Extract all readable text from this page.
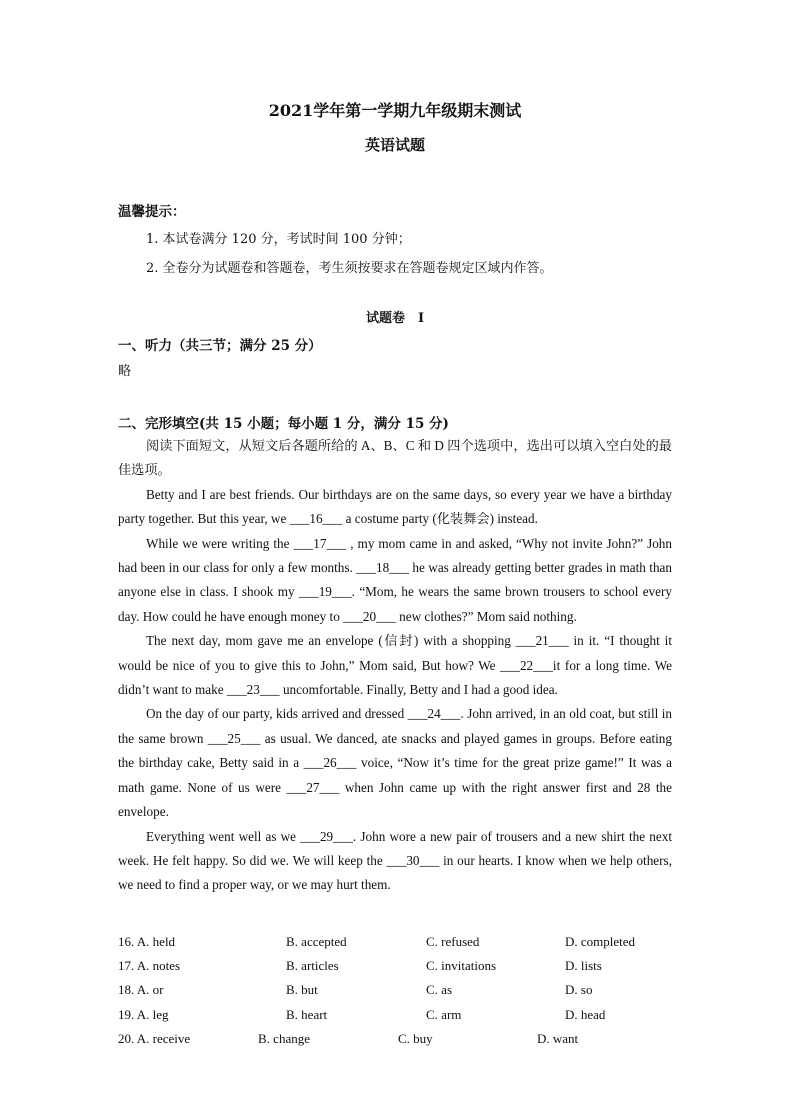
2021学年第一学期九年级期末测试
英语试题
温馨提示：
1. 本试卷满分 120 分，考试时间 100 分钟；
2. 全卷分为试题卷和答题卷，考生须按要求在答题卷规定区域内作答。
试题卷　I
一、听力（共三节；满分 25 分）
略
二、完形填空(共 15 小题；每小题 1 分，满分 15 分)

阅读下面短文，从短文后各题所给的 A、B、C 和 D 四个选项中，选出可以填入空白处的最佳选项。

Betty and I are best friends. Our birthdays are on the same days, so every year we have a birthday party together. But this year, we ___16___ a costume party (化装舞会) instead.

While we were writing the ___17___ , my mom came in and asked, “Why not invite John?” John had been in our class for only a few months. ___18___ he was already getting better grades in math than anyone else in class. I shook my ___19___. “Mom, he wears the same brown trousers to school every day. How could he have enough money to ___20___ new clothes?” Mom said nothing.

The next day, mom gave me an envelope (信封) with a shopping ___21___ in it. “I thought it would be nice of you to give this to John,” Mom said, But how? We ___22___it for a long time. We didn’t want to make ___23___ uncomfortable. Finally, Betty and I had a good idea.

On the day of our party, kids arrived and dressed ___24___. John arrived, in an old coat, but still in the same brown ___25___ as usual. We danced, ate snacks and played games in groups. Before eating the birthday cake, Betty said in a ___26___ voice, “Now it’s time for the great prize game!” It was a math game. None of us were ___27___ when John came up with the right answer first and 28 the envelope.

Everything went well as we ___29___. John wore a new pair of trousers and a new shirt the next week. He felt happy. So did we. We will keep the ___30___ in our hearts. I know when we help others, we need to find a proper way, or we may hurt them.

16. A. held	B. accepted	C. refused	D. completed
17. A. notes	B. articles	C. invitations	D. lists
18. A. or	B. but	C. as	D. so
19. A. leg	B. heart	C. arm	D. head
20. A. receive	B. change	C. buy	D. want
